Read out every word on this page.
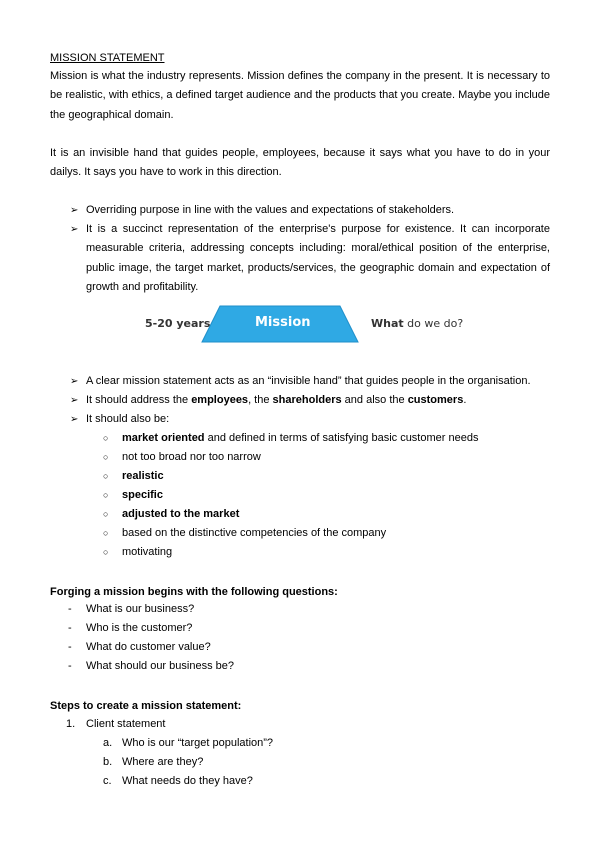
MISSION STATEMENT

Mission is what the industry represents. Mission defines the company in the present. It is necessary to be realistic, with ethics, a defined target audience and the products that you create. Maybe you include the geographical domain.

It is an invisible hand that guides people, employees, because it says what you have to do in your dailys. It says you have to work in this direction.

➢ Overriding purpose in line with the values and expectations of stakeholders.

➢ It is a succinct representation of the enterprise's purpose for existence. It can incorporate measurable criteria, addressing concepts including: moral/ethical position of the enterprise, public image, the target market, products/services, the geographic domain and expectation of growth and profitability.

5-20 years	Mission	What do we do?
➢ A clear mission statement acts as an “invisible hand” that guides people in the organisation.
➢ It should address the employees, the shareholders and also the customers.
➢ It should also be:
○ market oriented and defined in terms of satisfying basic customer needs
○ not too broad nor too narrow
○ realistic
○ specific
○ adjusted to the market
○ based on the distinctive competencies of the company
○ motivating
Forging a mission begins with the following questions:
- What is our business?
- Who is the customer?
- What do customer value?
- What should our business be?
Steps to create a mission statement:
1. Client statement
a. Who is our “target population”?
b. Where are they?
c. What needs do they have?
